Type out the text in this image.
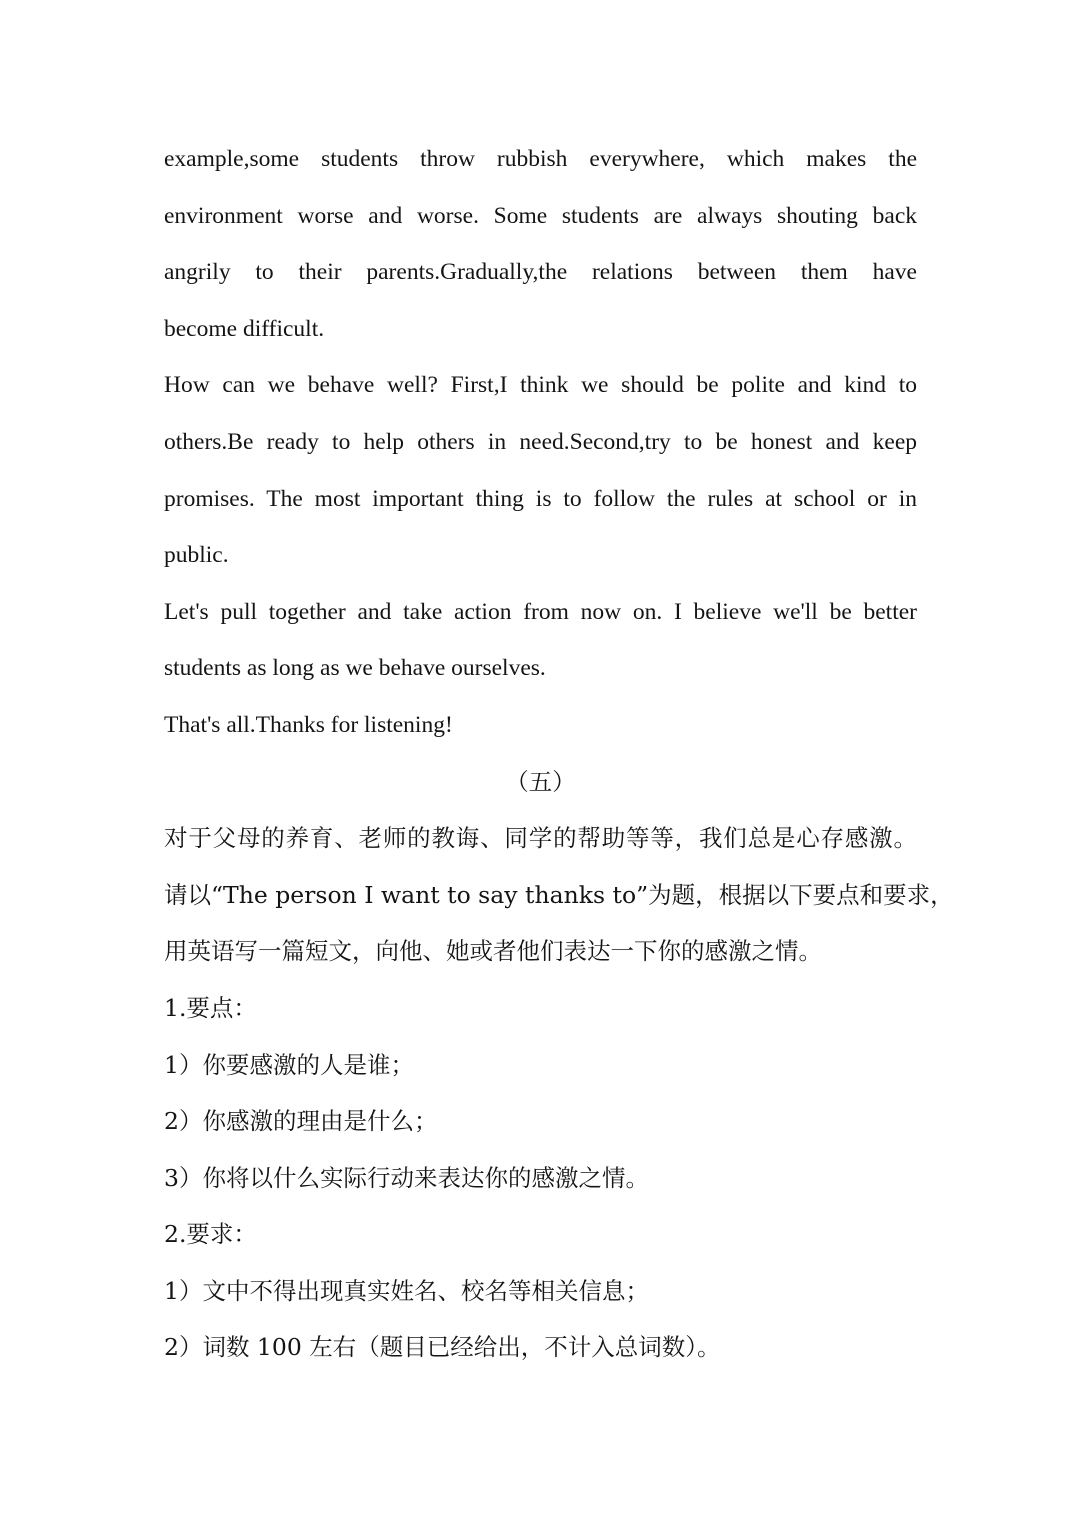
example,some students throw rubbish everywhere, which makes the
environment worse and worse. Some students are always shouting back
angrily to their parents.Gradually,the relations between them have
become difficult.
How can we behave well? First,I think we should be polite and kind to
others.Be ready to help others in need.Second,try to be honest and keep
promises. The most important thing is to follow the rules at school or in
public.
Let's pull together and take action from now on. I believe we'll be better
students as long as we behave ourselves.
That's all.Thanks for listening!
（五）
对于父母的养育、老师的教诲、同学的帮助等等，我们总是心存感激。
请以“The person I want to say thanks to”为题，根据以下要点和要求，
用英语写一篇短文，向他、她或者他们表达一下你的感激之情。
1.要点：
1）你要感激的人是谁；
2）你感激的理由是什么；
3）你将以什么实际行动来表达你的感激之情。
2.要求：
1）文中不得出现真实姓名、校名等相关信息；
2）词数 100 左右（题目已经给出，不计入总词数）。
